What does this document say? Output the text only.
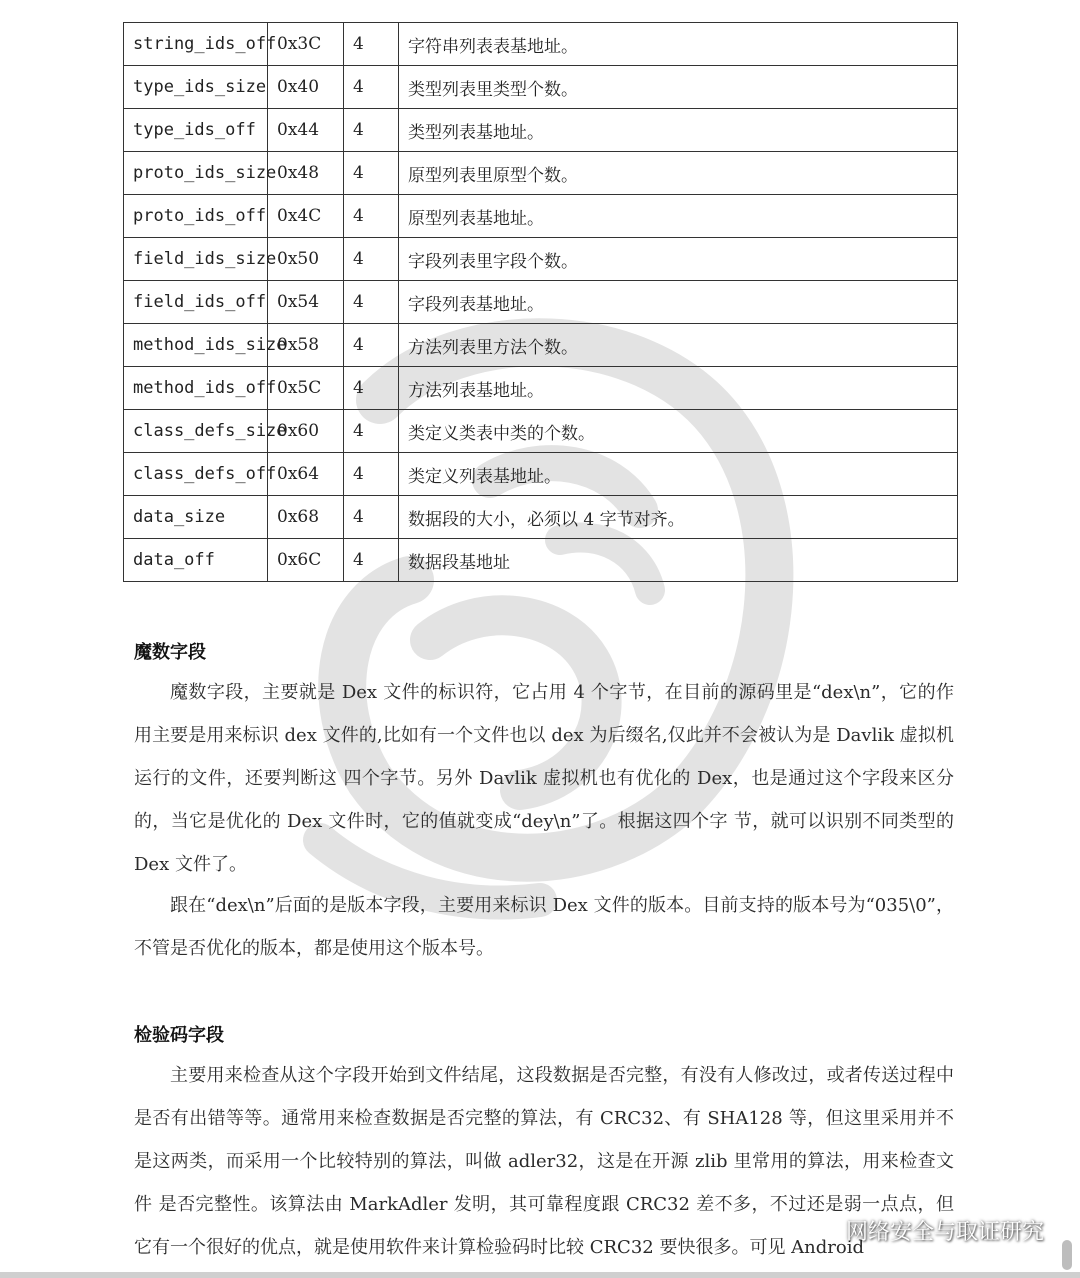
string_ids_off	0x3C	4	字符串列表表基地址。
type_ids_size	0x40	4	类型列表里类型个数。
type_ids_off	0x44	4	类型列表基地址。
proto_ids_size	0x48	4	原型列表里原型个数。
proto_ids_off	0x4C	4	原型列表基地址。
field_ids_size	0x50	4	字段列表里字段个数。
field_ids_off	0x54	4	字段列表基地址。
method_ids_size	0x58	4	方法列表里方法个数。
method_ids_off	0x5C	4	方法列表基地址。
class_defs_size	0x60	4	类定义类表中类的个数。
class_defs_off	0x64	4	类定义列表基地址。
data_size	0x68	4	数据段的大小，必须以 4 字节对齐。
data_off	0x6C	4	数据段基地址
魔数字段

魔数字段，主要就是 Dex 文件的标识符，它占用 4 个字节，在目前的源码里是“dex\n”，它的作用主要是用来标识 dex 文件的,比如有一个文件也以 dex 为后缀名,仅此并不会被认为是 Davlik 虚拟机运行的文件，还要判断这 四个字节。另外 Davlik 虚拟机也有优化的 Dex，也是通过这个字段来区分的，当它是优化的 Dex 文件时，它的值就变成“dey\n”了。根据这四个字 节，就可以识别不同类型的 Dex 文件了。

跟在“dex\n”后面的是版本字段，主要用来标识 Dex 文件的版本。目前支持的版本号为“035\0”，不管是否优化的版本，都是使用这个版本号。

检验码字段

主要用来检查从这个字段开始到文件结尾，这段数据是否完整，有没有人修改过，或者传送过程中是否有出错等等。通常用来检查数据是否完整的算法，有 CRC32、有 SHA128 等，但这里采用并不是这两类，而采用一个比较特别的算法，叫做 adler32，这是在开源 zlib 里常用的算法，用来检查文件 是否完整性。该算法由 MarkAdler 发明，其可靠程度跟 CRC32 差不多，不过还是弱一点点，但它有一个很好的优点，就是使用软件来计算检验码时比较 CRC32 要快很多。可见 Android

网络安全与取证研究
